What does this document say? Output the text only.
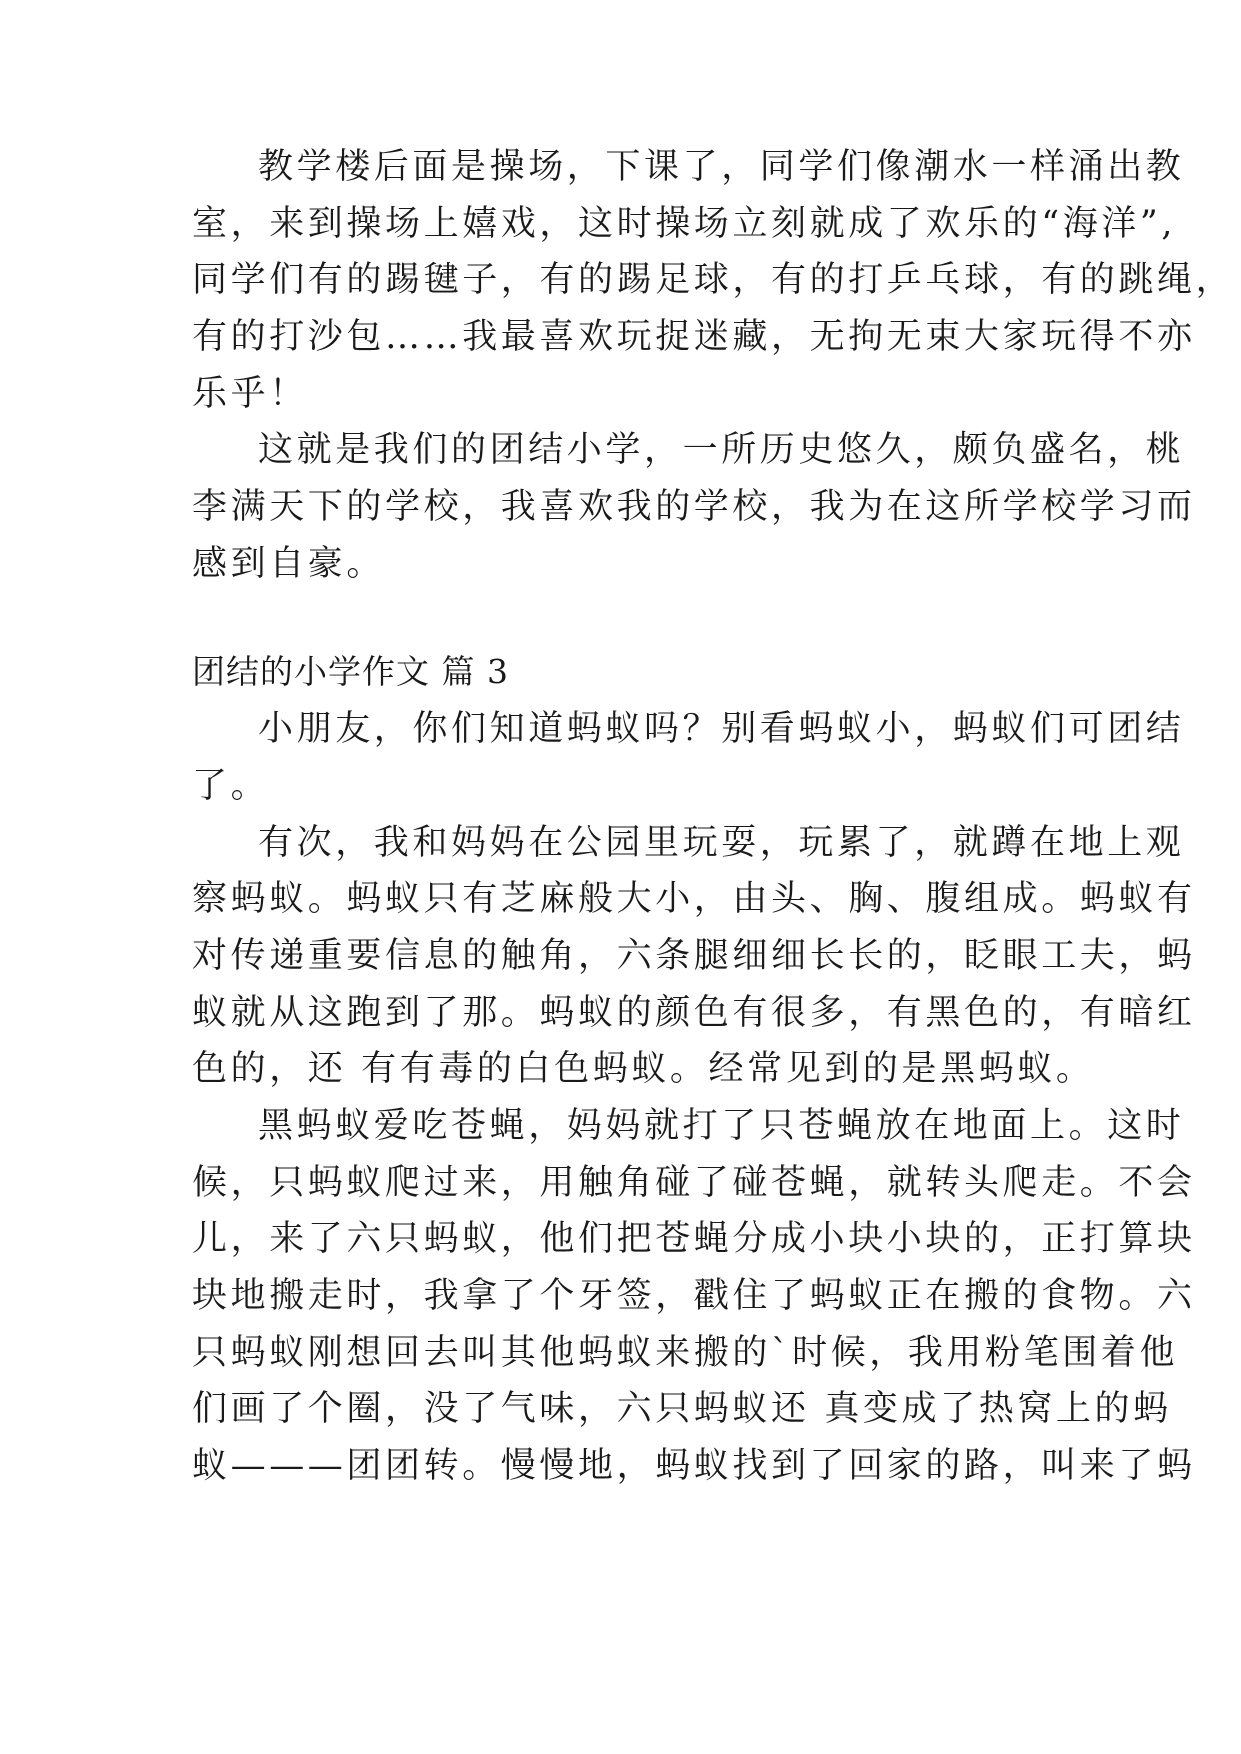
教学楼后面是操场，下课了，同学们像潮水一样涌出教
室，来到操场上嬉戏，这时操场立刻就成了欢乐的“海洋”,
同学们有的踢毽子，有的踢足球，有的打乒乓球，有的跳绳，
有的打沙包……我最喜欢玩捉迷藏，无拘无束大家玩得不亦
乐乎！
这就是我们的团结小学，一所历史悠久，颇负盛名，桃
李满天下的学校，我喜欢我的学校，我为在这所学校学习而
感到自豪。
团结的小学作文 篇 3
小朋友，你们知道蚂蚁吗？别看蚂蚁小，蚂蚁们可团结
了。
有次，我和妈妈在公园里玩耍，玩累了，就蹲在地上观
察蚂蚁。蚂蚁只有芝麻般大小，由头、胸、腹组成。蚂蚁有
对传递重要信息的触角，六条腿细细长长的，眨眼工夫，蚂
蚁就从这跑到了那。蚂蚁的颜色有很多，有黑色的，有暗红
色的，还 有有毒的白色蚂蚁。经常见到的是黑蚂蚁。
黑蚂蚁爱吃苍蝇，妈妈就打了只苍蝇放在地面上。这时
候，只蚂蚁爬过来，用触角碰了碰苍蝇，就转头爬走。不会
儿，来了六只蚂蚁，他们把苍蝇分成小块小块的，正打算块
块地搬走时，我拿了个牙签，戳住了蚂蚁正在搬的食物。六
只蚂蚁刚想回去叫其他蚂蚁来搬的`时候，我用粉笔围着他
们画了个圈，没了气味，六只蚂蚁还 真变成了热窝上的蚂
蚁———团团转。慢慢地，蚂蚁找到了回家的路，叫来了蚂
